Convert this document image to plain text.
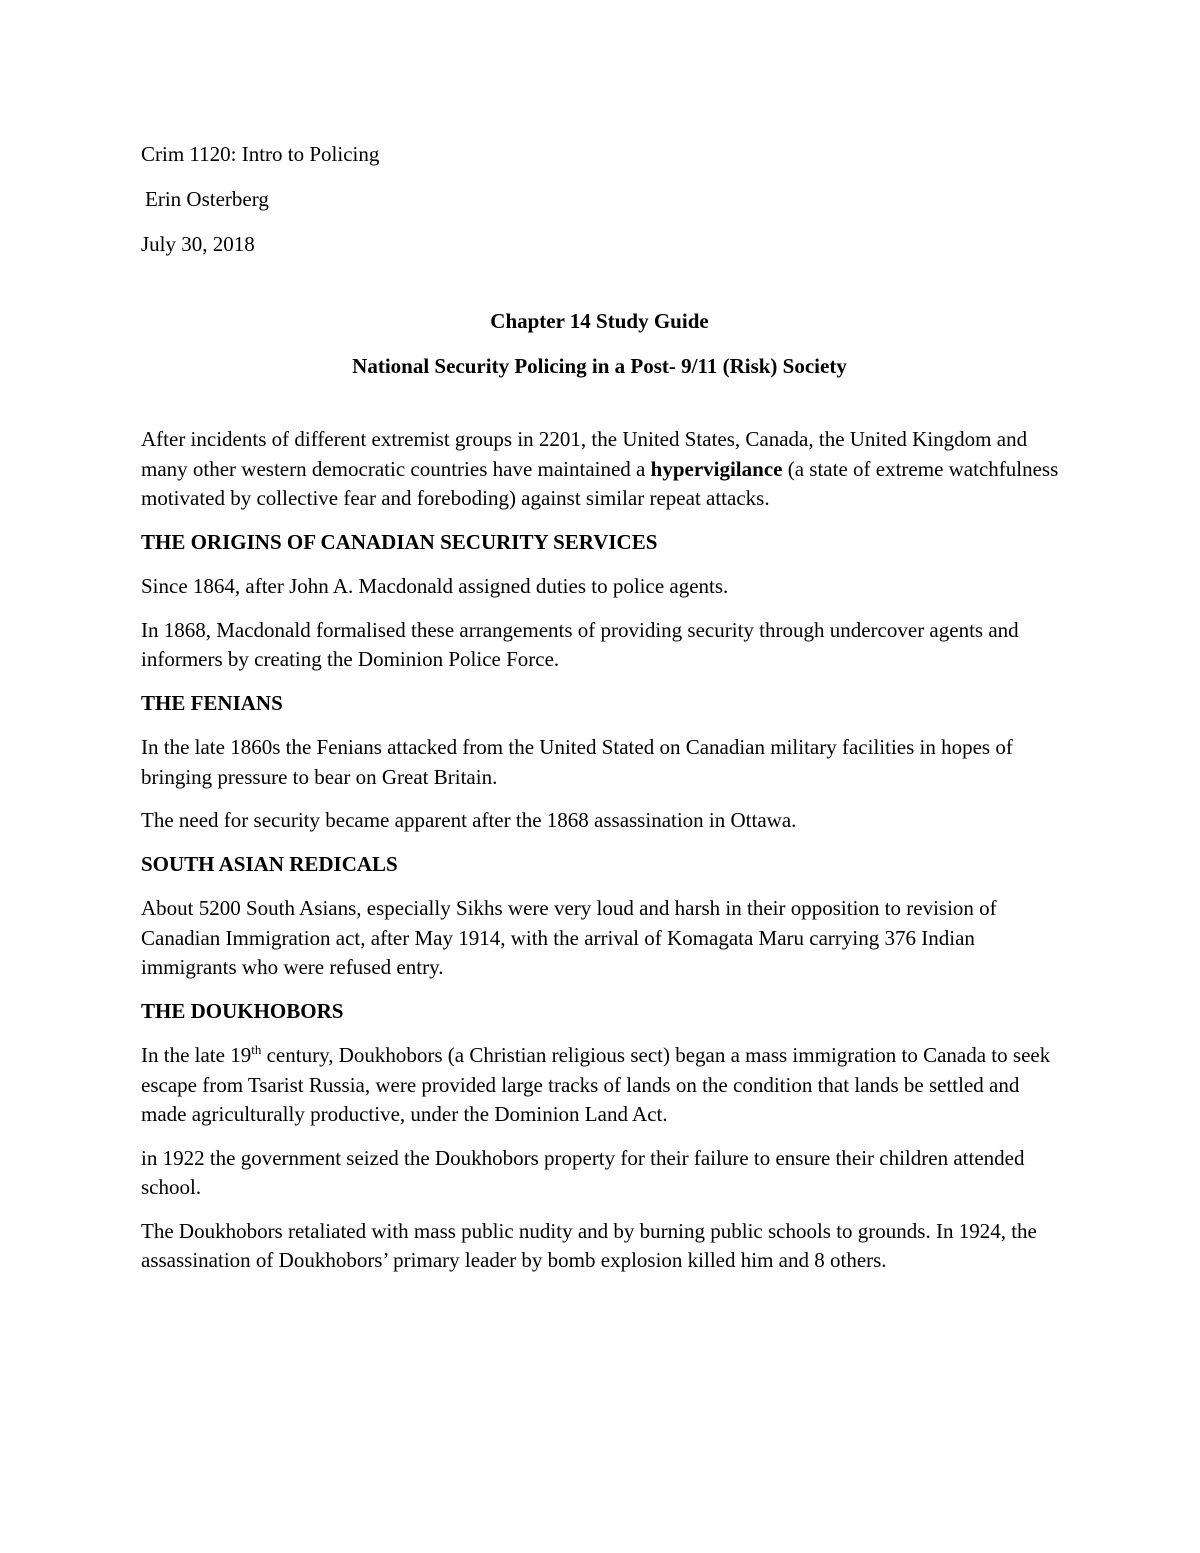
Crim 1120: Intro to Policing

Erin Osterberg

July 30, 2018

Chapter 14 Study Guide

National Security Policing in a Post- 9/11 (Risk) Society

After incidents of different extremist groups in 2201, the United States, Canada, the United Kingdom and many other western democratic countries have maintained a hypervigilance (a state of extreme watchfulness motivated by collective fear and foreboding) against similar repeat attacks.

THE ORIGINS OF CANADIAN SECURITY SERVICES

Since 1864, after John A. Macdonald assigned duties to police agents.

In 1868, Macdonald formalised these arrangements of providing security through undercover agents and informers by creating the Dominion Police Force.

THE FENIANS

In the late 1860s the Fenians attacked from the United Stated on Canadian military facilities in hopes of bringing pressure to bear on Great Britain.

The need for security became apparent after the 1868 assassination in Ottawa.

SOUTH ASIAN REDICALS

About 5200 South Asians, especially Sikhs were very loud and harsh in their opposition to revision of Canadian Immigration act, after May 1914, with the arrival of Komagata Maru carrying 376 Indian immigrants who were refused entry.

THE DOUKHOBORS

In the late 19th century, Doukhobors (a Christian religious sect) began a mass immigration to Canada to seek escape from Tsarist Russia, were provided large tracks of lands on the condition that lands be settled and made agriculturally productive, under the Dominion Land Act.

in 1922 the government seized the Doukhobors property for their failure to ensure their children attended school.

The Doukhobors retaliated with mass public nudity and by burning public schools to grounds. In 1924, the assassination of Doukhobors’ primary leader by bomb explosion killed him and 8 others.
